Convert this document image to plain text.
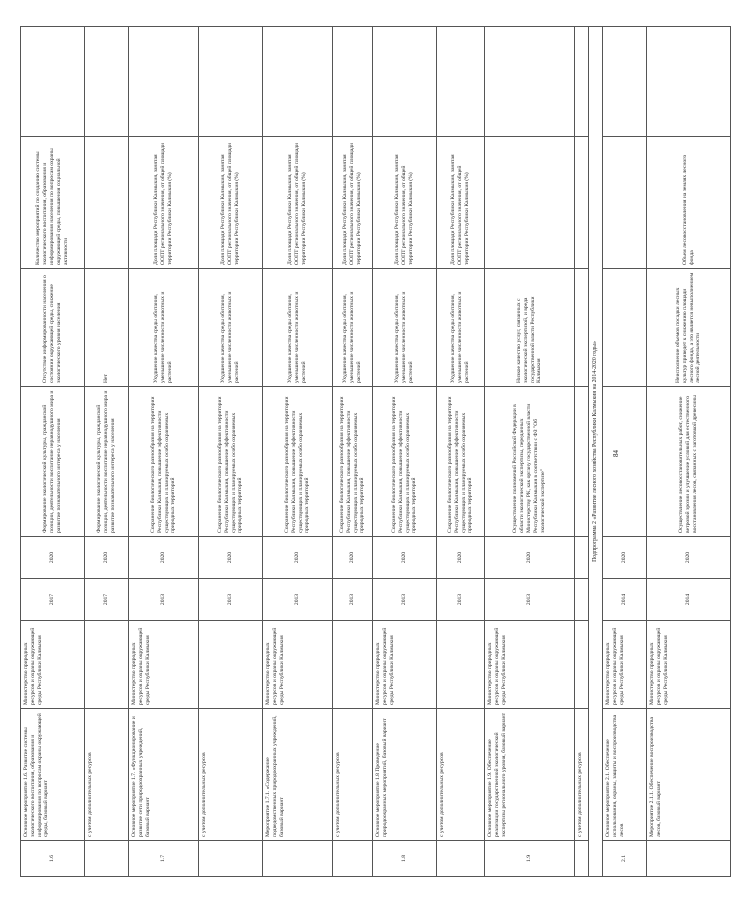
1.6	Основное мероприятие 1.6. Развитие системы экологического воспитания, образования и информирования по вопросам охраны окружающей среды, базовый вариант	Министерство природных ресурсов и охраны окружающей среды Республики Калмыкия	2017	2020	Формирование экологической культуры, гражданской позиции, деятельности воспитание неравнодушного мира и развитие познавательного интереса у населения	Отсутствие информированности населения о состоянии окружающей среды, снижение экологического уровня населения	Количество мероприятий по созданию системы экологического воспитания, образования и информирования населения по вопросам охраны окружающей среды, повышения социальной активности	
	с учетом дополнительных ресурсов		2017	2020	Формирование экологической культуры, гражданской позиции, деятельности воспитание неравнодушного мира и развитие познавательного интереса у населения	Нет		
1.7	Основное мероприятие 1.7. «Функционирование и развитие сети природоохранных учреждений, базовый вариант	Министерство природных ресурсов и охраны окружающей среды Республики Калмыкия	2013	2020	Сохранение биологического разнообразия на территории Республики Калмыкия, повышение эффективности существующих и планируемых особо охраняемых природных территорий	Ухудшение качества среды обитания, уменьшение численности животных и растений	Доля площади Республики Калмыкия, занятая ООПТ регионального значения, от общей площади территории Республики Калмыкия (%)	
	с учетом дополнительных ресурсов		2013	2020	Сохранение биологического разнообразия на территории Республики Калмыкия, повышение эффективности существующих и планируемых особо охраняемых природных территорий	Ухудшение качества среды обитания, уменьшение численности животных и растений	Доля площади Республики Калмыкия, занятая ООПТ регионального значения, от общей площади территории Республики Калмыкия (%)	
	Мероприятие 1.7.1. «Содержание подведомственных природоохранных учреждений, базовый вариант	Министерство природных ресурсов и охраны окружающей среды Республики Калмыкия	2013	2020	Сохранение биологического разнообразия на территории Республики Калмыкия, повышение эффективности существующих и планируемых особо охраняемых природных территорий	Ухудшение качества среды обитания, уменьшение численности животных и растений	Доля площади Республики Калмыкия, занятая ООПТ регионального значения, от общей площади территории Республики Калмыкия (%)	
	с учетом дополнительных ресурсов		2013	2020	Сохранение биологического разнообразия на территории Республики Калмыкия, повышение эффективности существующих и планируемых особо охраняемых природных территорий	Ухудшение качества среды обитания, уменьшение численности животных и растений	Доля площади Республики Калмыкия, занятая ООПТ регионального значения, от общей площади территории Республики Калмыкия (%)	
1.8	Основное мероприятие 1.8 Проведение природоохранных мероприятий, базовый вариант	Министерство природных ресурсов и охраны окружающей среды Республики Калмыкия	2013	2020	Сохранение биологического разнообразия на территории Республики Калмыкия, повышение эффективности существующих и планируемых особо охраняемых природных территорий	Ухудшение качества среды обитания, уменьшение численности животных и растений	Доля площади Республики Калмыкия, занятая ООПТ регионального значения, от общей территории Республики Калмыкия (%)	
	с учетом дополнительных ресурсов		2013	2020	Сохранение биологического разнообразия на территории Республики Калмыкия, повышение эффективности существующих и планируемых особо охраняемых природных территорий	Ухудшение качества среды обитания, уменьшение численности животных и растений	Доля площади Республики Калмыкия, занятая ООПТ регионального значения, от общей территории Республики Калмыкия (%)	
1.9	Основное мероприятие 1.9. Обеспечение реализации государственной экологической экспертизы регионального уровня, базовый вариант	Министерство природных ресурсов и охраны окружающей среды Республики Калмыкия	2013	2020	Осуществление полномочий Российской Федерации в области экологической экспертизы, переданных Министерству РК, как органу государственной власти Республики Калмыкия в соответствии с ФЗ "Об экологической экспертизе"	Низкое качество услуг, связанных с экологической экспертизой, и вреда государственной власти Республики Калмыкия		
	с учетом дополнительных ресурсов							
Подпрограмма 2 «Развитие лесного хозяйства Республики Калмыкия на 2014-2020 годы»								
2.1	Основное мероприятие 2.1. Обеспечение использования, охраны, защиты и воспроизводства лесов	Министерство природных ресурсов и охраны окружающей среды Республики Калмыкия	2014	2020				
	Мероприятие 2.1.1. Обеспечение воспроизводства лесов, базовый вариант	Министерство природных ресурсов и охраны окружающей среды Республики Калмыкия	2014	2020	Осуществление лесовосстановительных работ, снижение ветровой эрозии и улучшение условий для естественного восстановления лесов, связанных с заготовкой древесины	Неисполнение объемов посадки лесных культур приведет к снижению площади лесного фонда, а это является невыполнением лесной деятельности	Объем лесовосстановления на землях лесного фонда	
84
